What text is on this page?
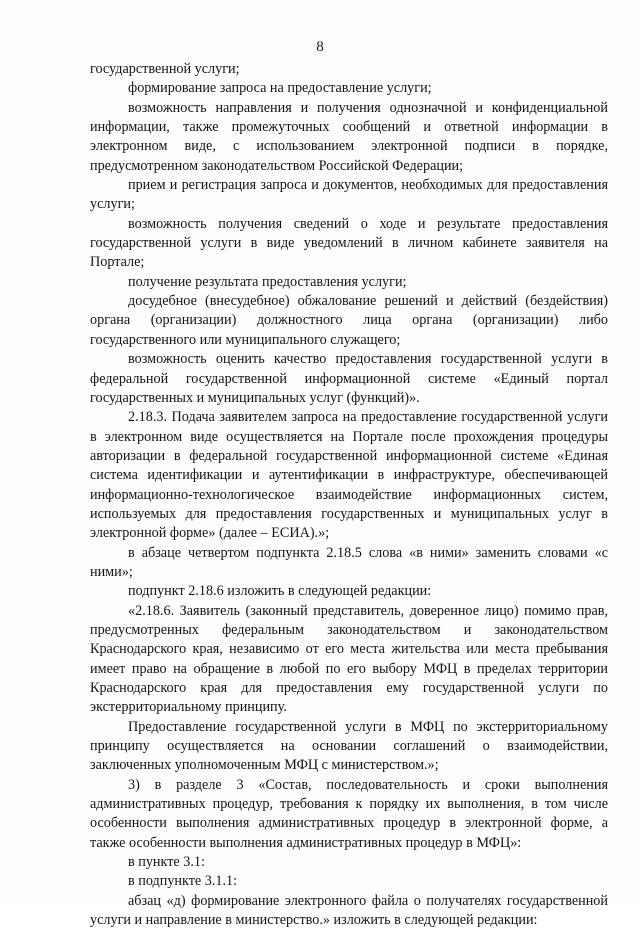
8

государственной услуги;

формирование запроса на предоставление услуги;

возможность направления и получения однозначной и конфиденциальной информации, также промежуточных сообщений и ответной информации в электронном виде, с использованием электронной подписи в порядке, предусмотренном законодательством Российской Федерации;

прием и регистрация запроса и документов, необходимых для предоставления услуги;

возможность получения сведений о ходе и результате предоставления государственной услуги в виде уведомлений в личном кабинете заявителя на Портале;

получение результата предоставления услуги;

досудебное (внесудебное) обжалование решений и действий (бездействия) органа (организации) должностного лица органа (организации) либо государственного или муниципального служащего;

возможность оценить качество предоставления государственной услуги в федеральной государственной информационной системе «Единый портал государственных и муниципальных услуг (функций)».

2.18.3. Подача заявителем запроса на предоставление государственной услуги в электронном виде осуществляется на Портале после прохождения процедуры авторизации в федеральной государственной информационной системе «Единая система идентификации и аутентификации в инфраструктуре, обеспечивающей информационно-технологическое взаимодействие информационных систем, используемых для предоставления государственных и муниципальных услуг в электронной форме» (далее – ЕСИА).»;

в абзаце четвертом подпункта 2.18.5 слова «в ними» заменить словами «с ними»;

подпункт 2.18.6 изложить в следующей редакции:

«2.18.6. Заявитель (законный представитель, доверенное лицо) помимо прав, предусмотренных федеральным законодательством и законодательством Краснодарского края, независимо от его места жительства или места пребывания имеет право на обращение в любой по его выбору МФЦ в пределах территории Краснодарского края для предоставления ему государственной услуги по экстерриториальному принципу.

Предоставление государственной услуги в МФЦ по экстерриториальному принципу осуществляется на основании соглашений о взаимодействии, заключенных уполномоченным МФЦ с министерством.»;

3) в разделе 3 «Состав, последовательность и сроки выполнения административных процедур, требования к порядку их выполнения, в том числе особенности выполнения административных процедур в электронной форме, а также особенности выполнения административных процедур в МФЦ»:

в пункте 3.1:

в подпункте 3.1.1:

абзац «д) формирование электронного файла о получателях государственной услуги и направление в министерство.» изложить в следующей редакции:
